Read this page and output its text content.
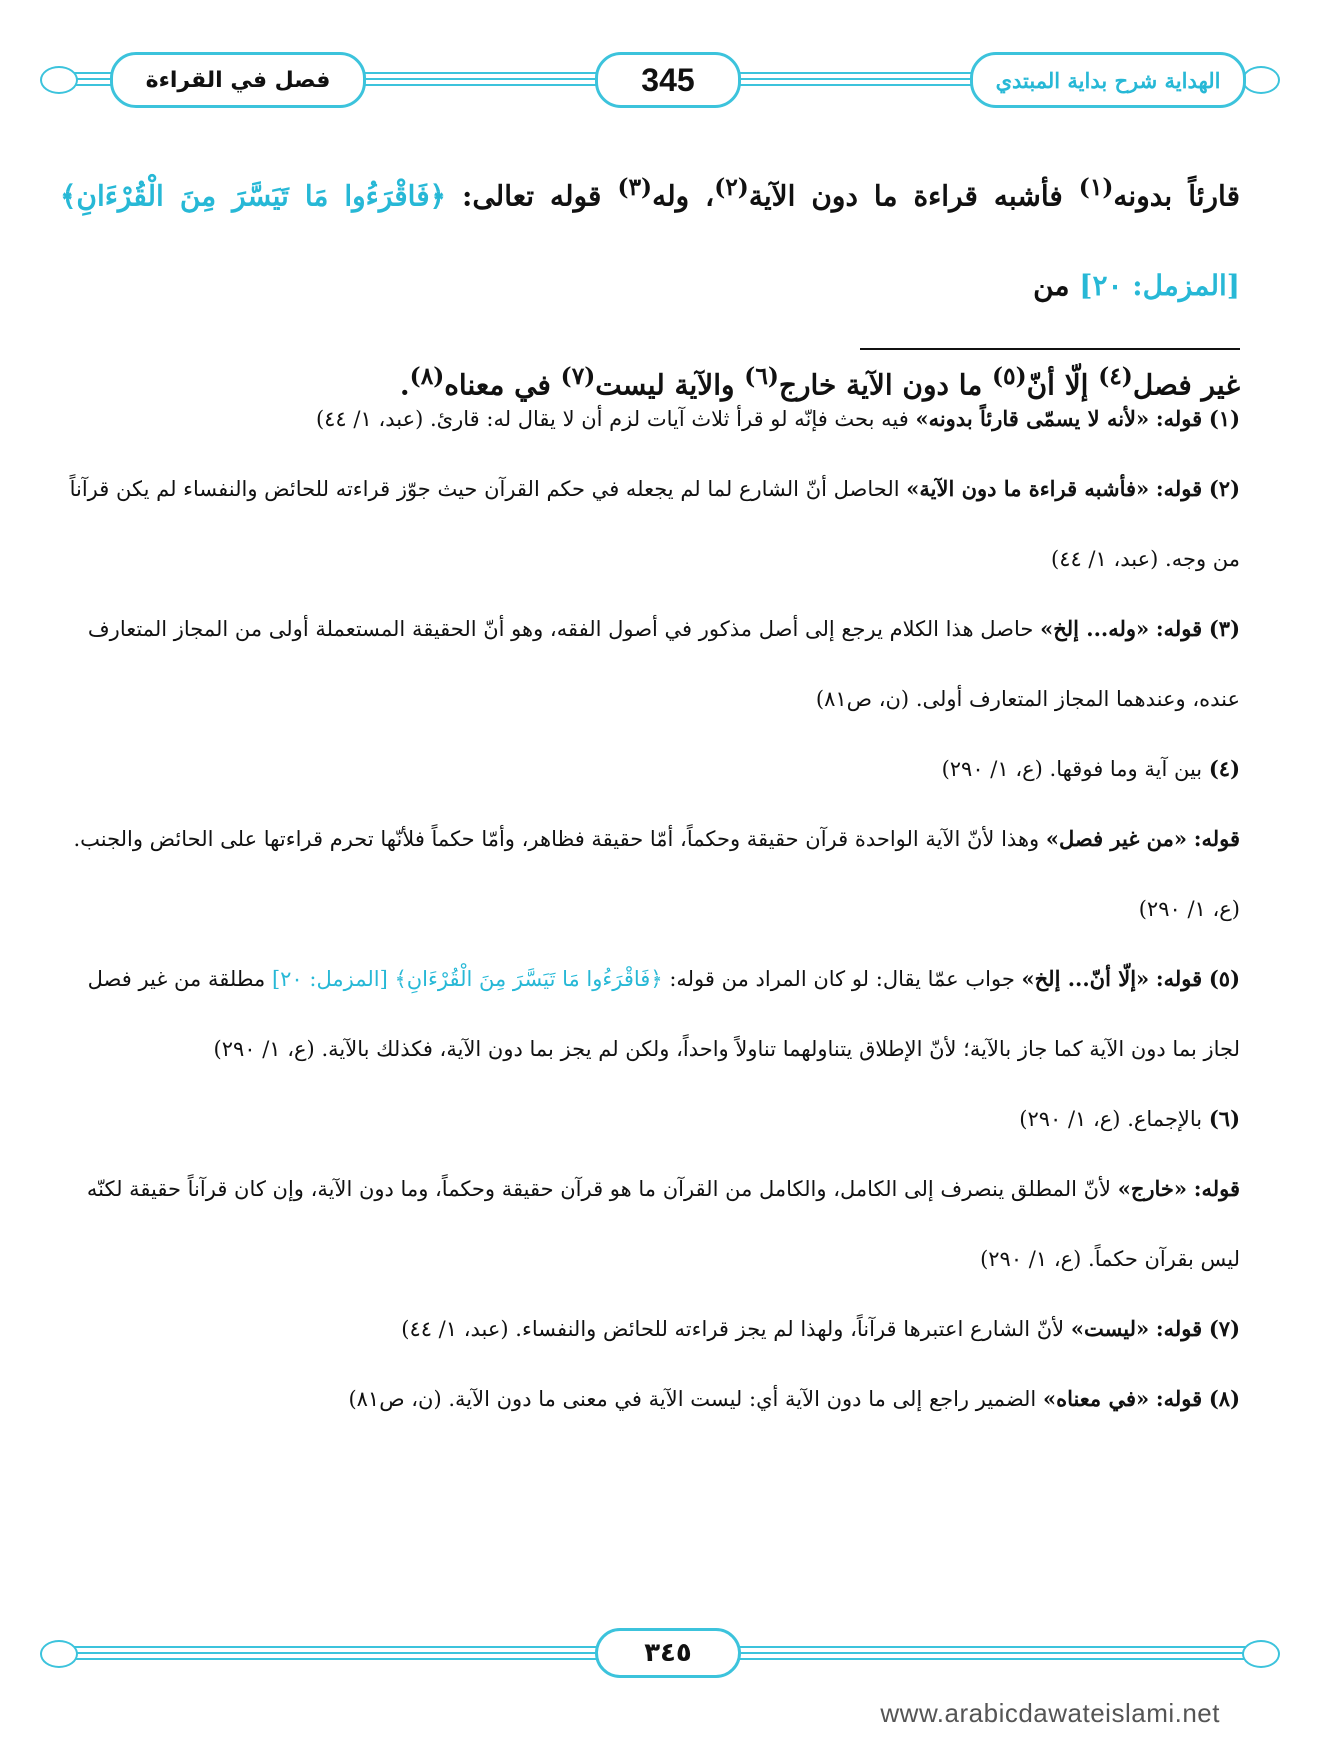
فصل في القراءة	345	الهداية شرح بداية المبتدي
قارئاً بدونه$^{(١)}$ فأشبه قراءة ما دون الآية$^{(٢)}$، وله$^{(٣)}$ قوله تعالى: ﴿فَاقْرَءُوا مَا تَيَسَّرَ مِنَ الْقُرْءَانِ﴾ [المزمل: ٢٠] من
غير فصل$^{(٤)}$ إلّا أنّ$^{(٥)}$ ما دون الآية خارج$^{(٦)}$ والآية ليست$^{(٧)}$ في معناه$^{(٨)}$.

(١) قوله: «لأنه لا يسمّى قارئاً بدونه» فيه بحث فإنّه لو قرأ ثلاث آيات لزم أن لا يقال له: قارئ. (عبد، ١/ ٤٤)

(٢) قوله: «فأشبه قراءة ما دون الآية» الحاصل أنّ الشارع لما لم يجعله في حكم القرآن حيث جوّز قراءته للحائض والنفساء لم يكن قرآناً من وجه. (عبد، ١/ ٤٤)

(٣) قوله: «وله... إلخ» حاصل هذا الكلام يرجع إلى أصل مذكور في أصول الفقه، وهو أنّ الحقيقة المستعملة أولى من المجاز المتعارف عنده، وعندهما المجاز المتعارف أولى. (ن، ص٨١)

(٤) بين آية وما فوقها. (ع، ١/ ٢٩٠)

قوله: «من غير فصل» وهذا لأنّ الآية الواحدة قرآن حقيقة وحكماً، أمّا حقيقة فظاهر، وأمّا حكماً فلأنّها تحرم قراءتها على الحائض والجنب. (ع، ١/ ٢٩٠)

(٥) قوله: «إلّا أنّ... إلخ» جواب عمّا يقال: لو كان المراد من قوله: ﴿فَاقْرَءُوا مَا تَيَسَّرَ مِنَ الْقُرْءَانِ﴾ [المزمل: ٢٠] مطلقة من غير فصل لجاز بما دون الآية كما جاز بالآية؛ لأنّ الإطلاق يتناولهما تناولاً واحداً، ولكن لم يجز بما دون الآية، فكذلك بالآية. (ع، ١/ ٢٩٠)

(٦) بالإجماع. (ع، ١/ ٢٩٠)

قوله: «خارج» لأنّ المطلق ينصرف إلى الكامل، والكامل من القرآن ما هو قرآن حقيقة وحكماً، وما دون الآية، وإن كان قرآناً حقيقة لكنّه ليس بقرآن حكماً. (ع، ١/ ٢٩٠)

(٧) قوله: «ليست» لأنّ الشارع اعتبرها قرآناً، ولهذا لم يجز قراءته للحائض والنفساء. (عبد، ١/ ٤٤)

(٨) قوله: «في معناه» الضمير راجع إلى ما دون الآية أي: ليست الآية في معنى ما دون الآية. (ن، ص٨١)

٣٤٥
www.arabicdawateislami.net
